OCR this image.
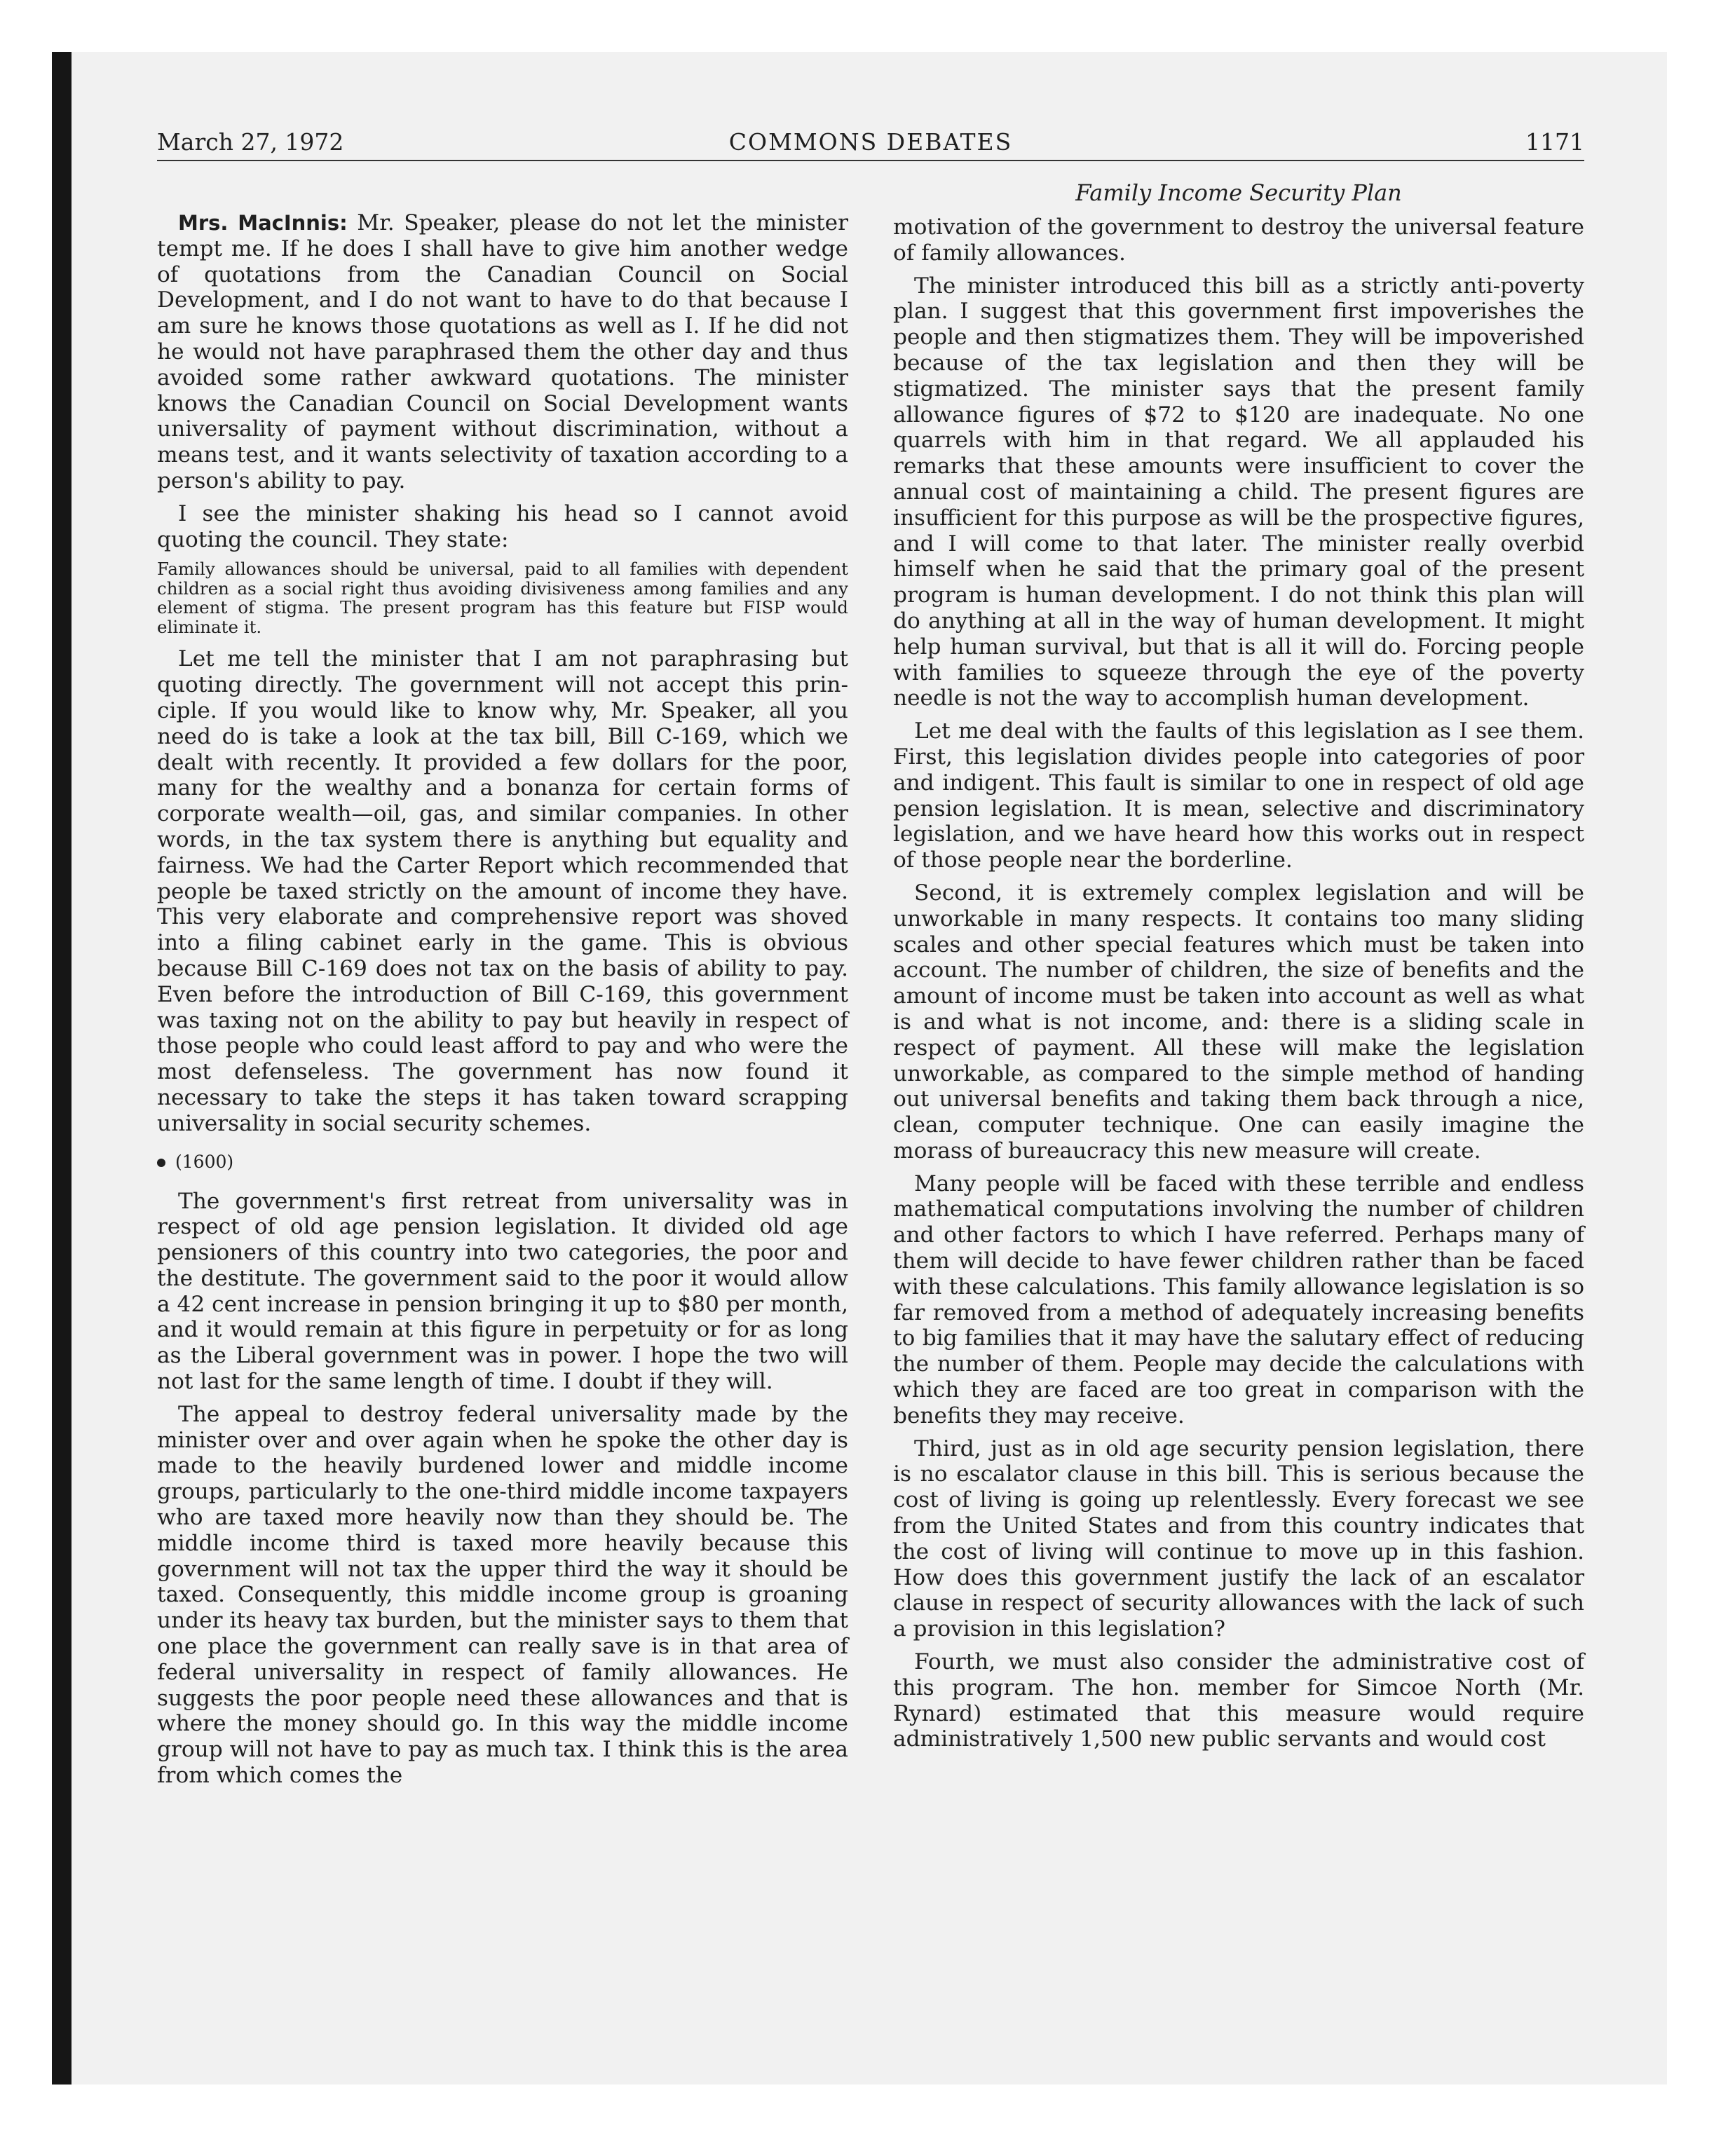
March 27, 1972	COMMONS DEBATES	1171
Family Income Security Plan

Mrs. MacInnis: Mr. Speaker, please do not let the minister tempt me. If he does I shall have to give him another wedge of quotations from the Canadian Council on Social Development, and I do not want to have to do that because I am sure he knows those quotations as well as I. If he did not he would not have paraphrased them the other day and thus avoided some rather awkward quotations. The minister knows the Canadian Council on Social Development wants universality of payment without discrimination, without a means test, and it wants selectivity of taxation according to a person's ability to pay.

I see the minister shaking his head so I cannot avoid quoting the council. They state:

Family allowances should be universal, paid to all families with dependent children as a social right thus avoiding divisiveness among families and any element of stigma. The present program has this feature but FISP would eliminate it.

Let me tell the minister that I am not paraphrasing but quoting directly. The government will not accept this principle. If you would like to know why, Mr. Speaker, all you need do is take a look at the tax bill, Bill C-169, which we dealt with recently. It provided a few dollars for the poor, many for the wealthy and a bonanza for certain forms of corporate wealth—oil, gas, and similar companies. In other words, in the tax system there is anything but equality and fairness. We had the Carter Report which recommended that people be taxed strictly on the amount of income they have. This very elaborate and comprehensive report was shoved into a filing cabinet early in the game. This is obvious because Bill C-169 does not tax on the basis of ability to pay. Even before the introduction of Bill C-169, this government was taxing not on the ability to pay but heavily in respect of those people who could least afford to pay and who were the most defenseless. The government has now found it necessary to take the steps it has taken toward scrapping universality in social security schemes.

(1600)

The government's first retreat from universality was in respect of old age pension legislation. It divided old age pensioners of this country into two categories, the poor and the destitute. The government said to the poor it would allow a 42 cent increase in pension bringing it up to $80 per month, and it would remain at this figure in perpetuity or for as long as the Liberal government was in power. I hope the two will not last for the same length of time. I doubt if they will.

The appeal to destroy federal universality made by the minister over and over again when he spoke the other day is made to the heavily burdened lower and middle income groups, particularly to the one-third middle income taxpayers who are taxed more heavily now than they should be. The middle income third is taxed more heavily because this government will not tax the upper third the way it should be taxed. Consequently, this middle income group is groaning under its heavy tax burden, but the minister says to them that one place the government can really save is in that area of federal universality in respect of family allowances. He suggests the poor people need these allowances and that is where the money should go. In this way the middle income group will not have to pay as much tax. I think this is the area from which comes the

motivation of the government to destroy the universal feature of family allowances.

The minister introduced this bill as a strictly anti-poverty plan. I suggest that this government first impoverishes the people and then stigmatizes them. They will be impoverished because of the tax legislation and then they will be stigmatized. The minister says that the present family allowance figures of $72 to $120 are inadequate. No one quarrels with him in that regard. We all applauded his remarks that these amounts were insufficient to cover the annual cost of maintaining a child. The present figures are insufficient for this purpose as will be the prospective figures, and I will come to that later. The minister really overbid himself when he said that the primary goal of the present program is human development. I do not think this plan will do anything at all in the way of human development. It might help human survival, but that is all it will do. Forcing people with families to squeeze through the eye of the poverty needle is not the way to accomplish human development.

Let me deal with the faults of this legislation as I see them. First, this legislation divides people into categories of poor and indigent. This fault is similar to one in respect of old age pension legislation. It is mean, selective and discriminatory legislation, and we have heard how this works out in respect of those people near the borderline.

Second, it is extremely complex legislation and will be unworkable in many respects. It contains too many sliding scales and other special features which must be taken into account. The number of children, the size of benefits and the amount of income must be taken into account as well as what is and what is not income, and: there is a sliding scale in respect of payment. All these will make the legislation unworkable, as compared to the simple method of handing out universal benefits and taking them back through a nice, clean, computer technique. One can easily imagine the morass of bureaucracy this new measure will create.

Many people will be faced with these terrible and endless mathematical computations involving the number of children and other factors to which I have referred. Perhaps many of them will decide to have fewer children rather than be faced with these calculations. This family allowance legislation is so far removed from a method of adequately increasing benefits to big families that it may have the salutary effect of reducing the number of them. People may decide the calculations with which they are faced are too great in comparison with the benefits they may receive.

Third, just as in old age security pension legislation, there is no escalator clause in this bill. This is serious because the cost of living is going up relentlessly. Every forecast we see from the United States and from this country indicates that the cost of living will continue to move up in this fashion. How does this government justify the lack of an escalator clause in respect of security allowances with the lack of such a provision in this legislation?

Fourth, we must also consider the administrative cost of this program. The hon. member for Simcoe North (Mr. Rynard) estimated that this measure would require administratively 1,500 new public servants and would cost
